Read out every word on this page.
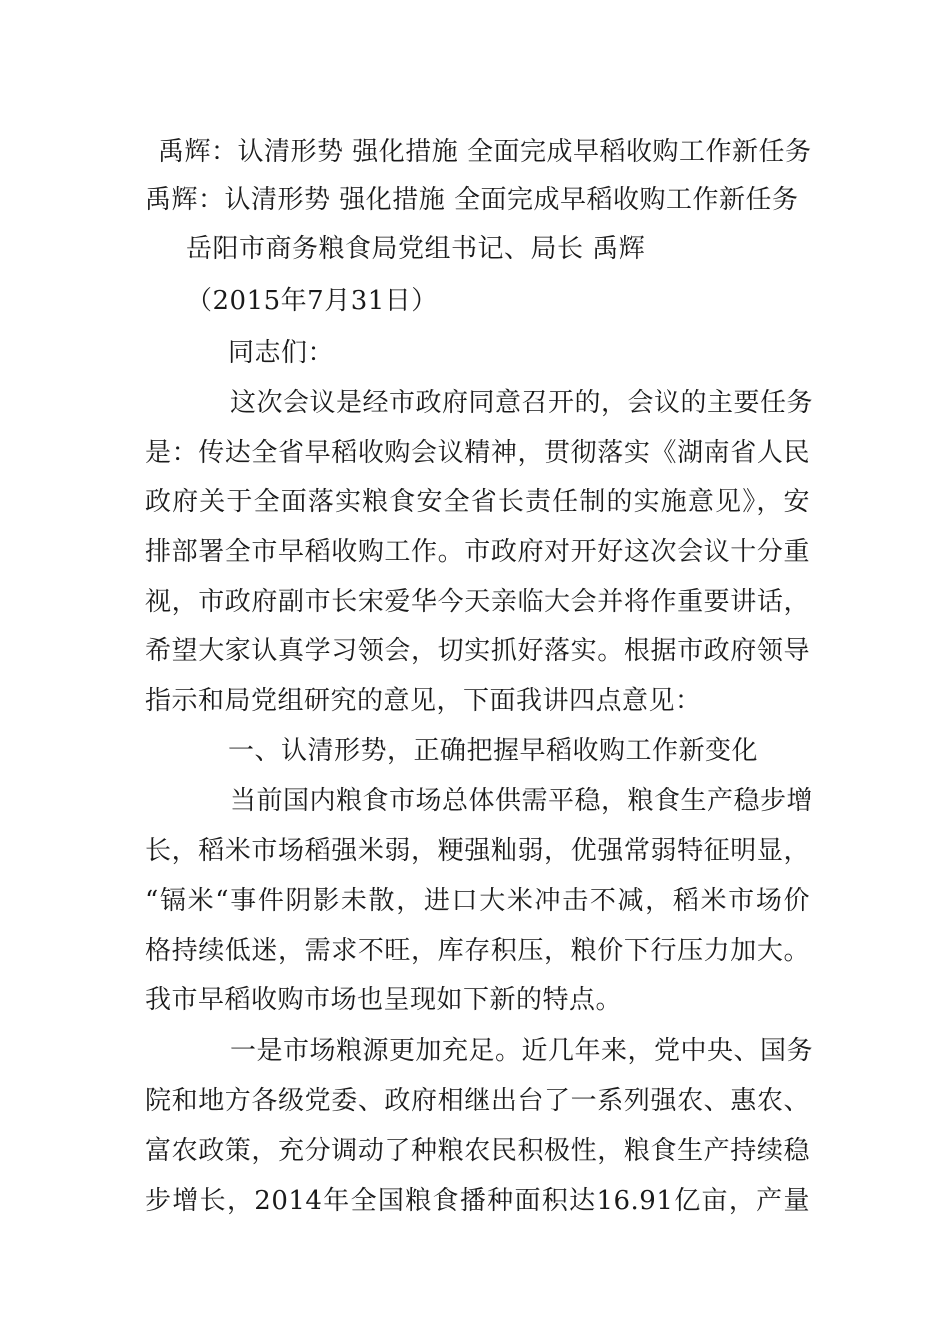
禹辉：认清形势 强化措施 全面完成早稻收购工作新任务
禹辉：认清形势 强化措施 全面完成早稻收购工作新任务
岳阳市商务粮食局党组书记、局长 禹辉
（2015年7月31日）
同志们：
这次会议是经市政府同意召开的，会议的主要任务
是：传达全省早稻收购会议精神，贯彻落实《湖南省人民
政府关于全面落实粮食安全省长责任制的实施意见》，安
排部署全市早稻收购工作。市政府对开好这次会议十分重
视，市政府副市长宋爱华今天亲临大会并将作重要讲话，
希望大家认真学习领会，切实抓好落实。根据市政府领导
指示和局党组研究的意见，下面我讲四点意见：
一、认清形势，正确把握早稻收购工作新变化
当前国内粮食市场总体供需平稳，粮食生产稳步增
长，稻米市场稻强米弱，粳强籼弱，优强常弱特征明显，
“镉米“事件阴影未散，进口大米冲击不减，稻米市场价
格持续低迷，需求不旺，库存积压，粮价下行压力加大。
我市早稻收购市场也呈现如下新的特点。
一是市场粮源更加充足。近几年来，党中央、国务
院和地方各级党委、政府相继出台了一系列强农、惠农、
富农政策，充分调动了种粮农民积极性，粮食生产持续稳
步增长，2014年全国粮食播种面积达16.91亿亩，产量
